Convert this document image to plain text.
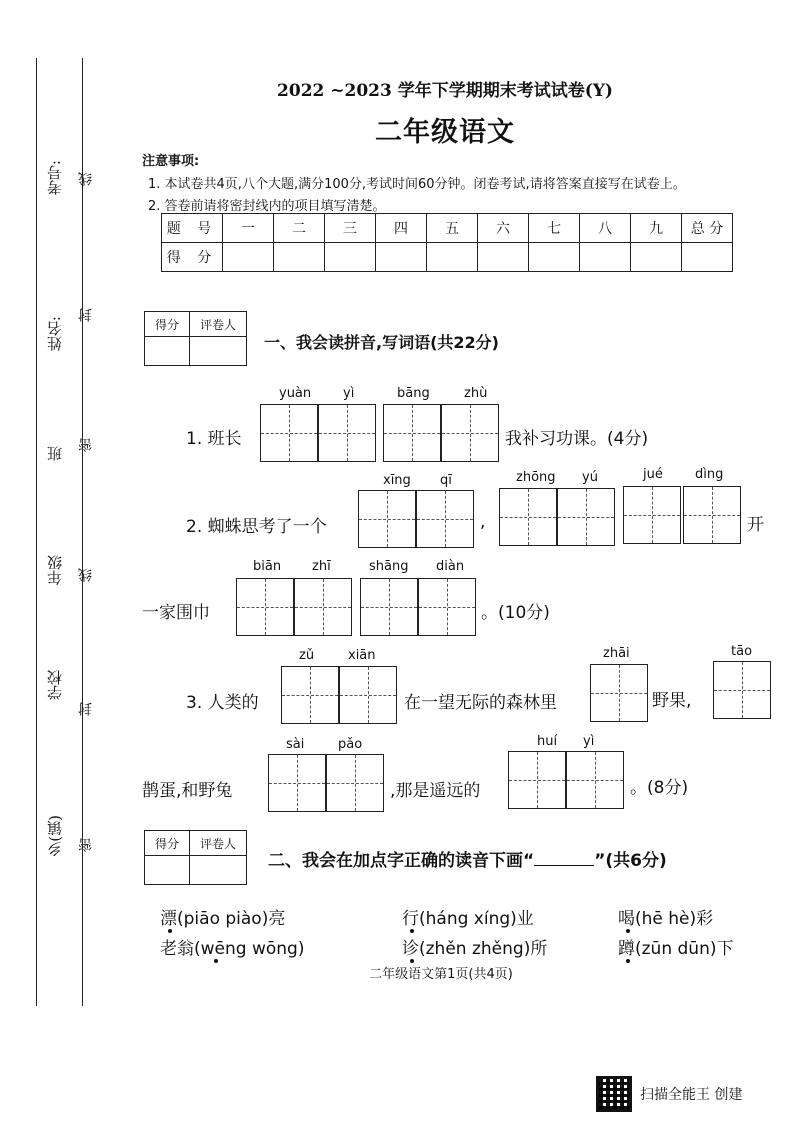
考号:
姓名:
班
年级
学校
乡(镇)
线
封
密
线
封
密
2022 ~2023 学年下学期期末考试试卷(Y)
二年级语文
注意事项:
1. 本试卷共4页,八个大题,满分100分,考试时间60分钟。闭卷考试,请将答案直接写在试卷上。
2. 答卷前请将密封线内的项目填写清楚。
题 号	一	二	三	四	五	六	七	八	九	总 分
得 分										
得分	评卷人

一、我会读拼音,写词语(共22分)
yuàn yì	bāng	zhù
1. 班长	我补习功课。(4分)
xīng qī	zhōng yú	jué dìng
2. 蜘蛛思考了一个	,	开
biān zhī	shāng diàn
一家围巾	。(10分)
zǔ	xiān	zhāi	tāo
3. 人类的	在一望无际的森林里	野果,
sài	pǎo	huí yì
鹊蛋,和野兔	,那是遥远的	。(8分)
得分	评卷人

二、我会在加点字正确的读音下画“	”(共6分)
漂(piāo piào)亮	行(háng xíng)业	喝(hē hè)彩
老翁(wēng wōng)	诊(zhěn zhěng)所	蹲(zūn dūn)下
二年级语文第1页(共4页)
扫描全能王 创建
